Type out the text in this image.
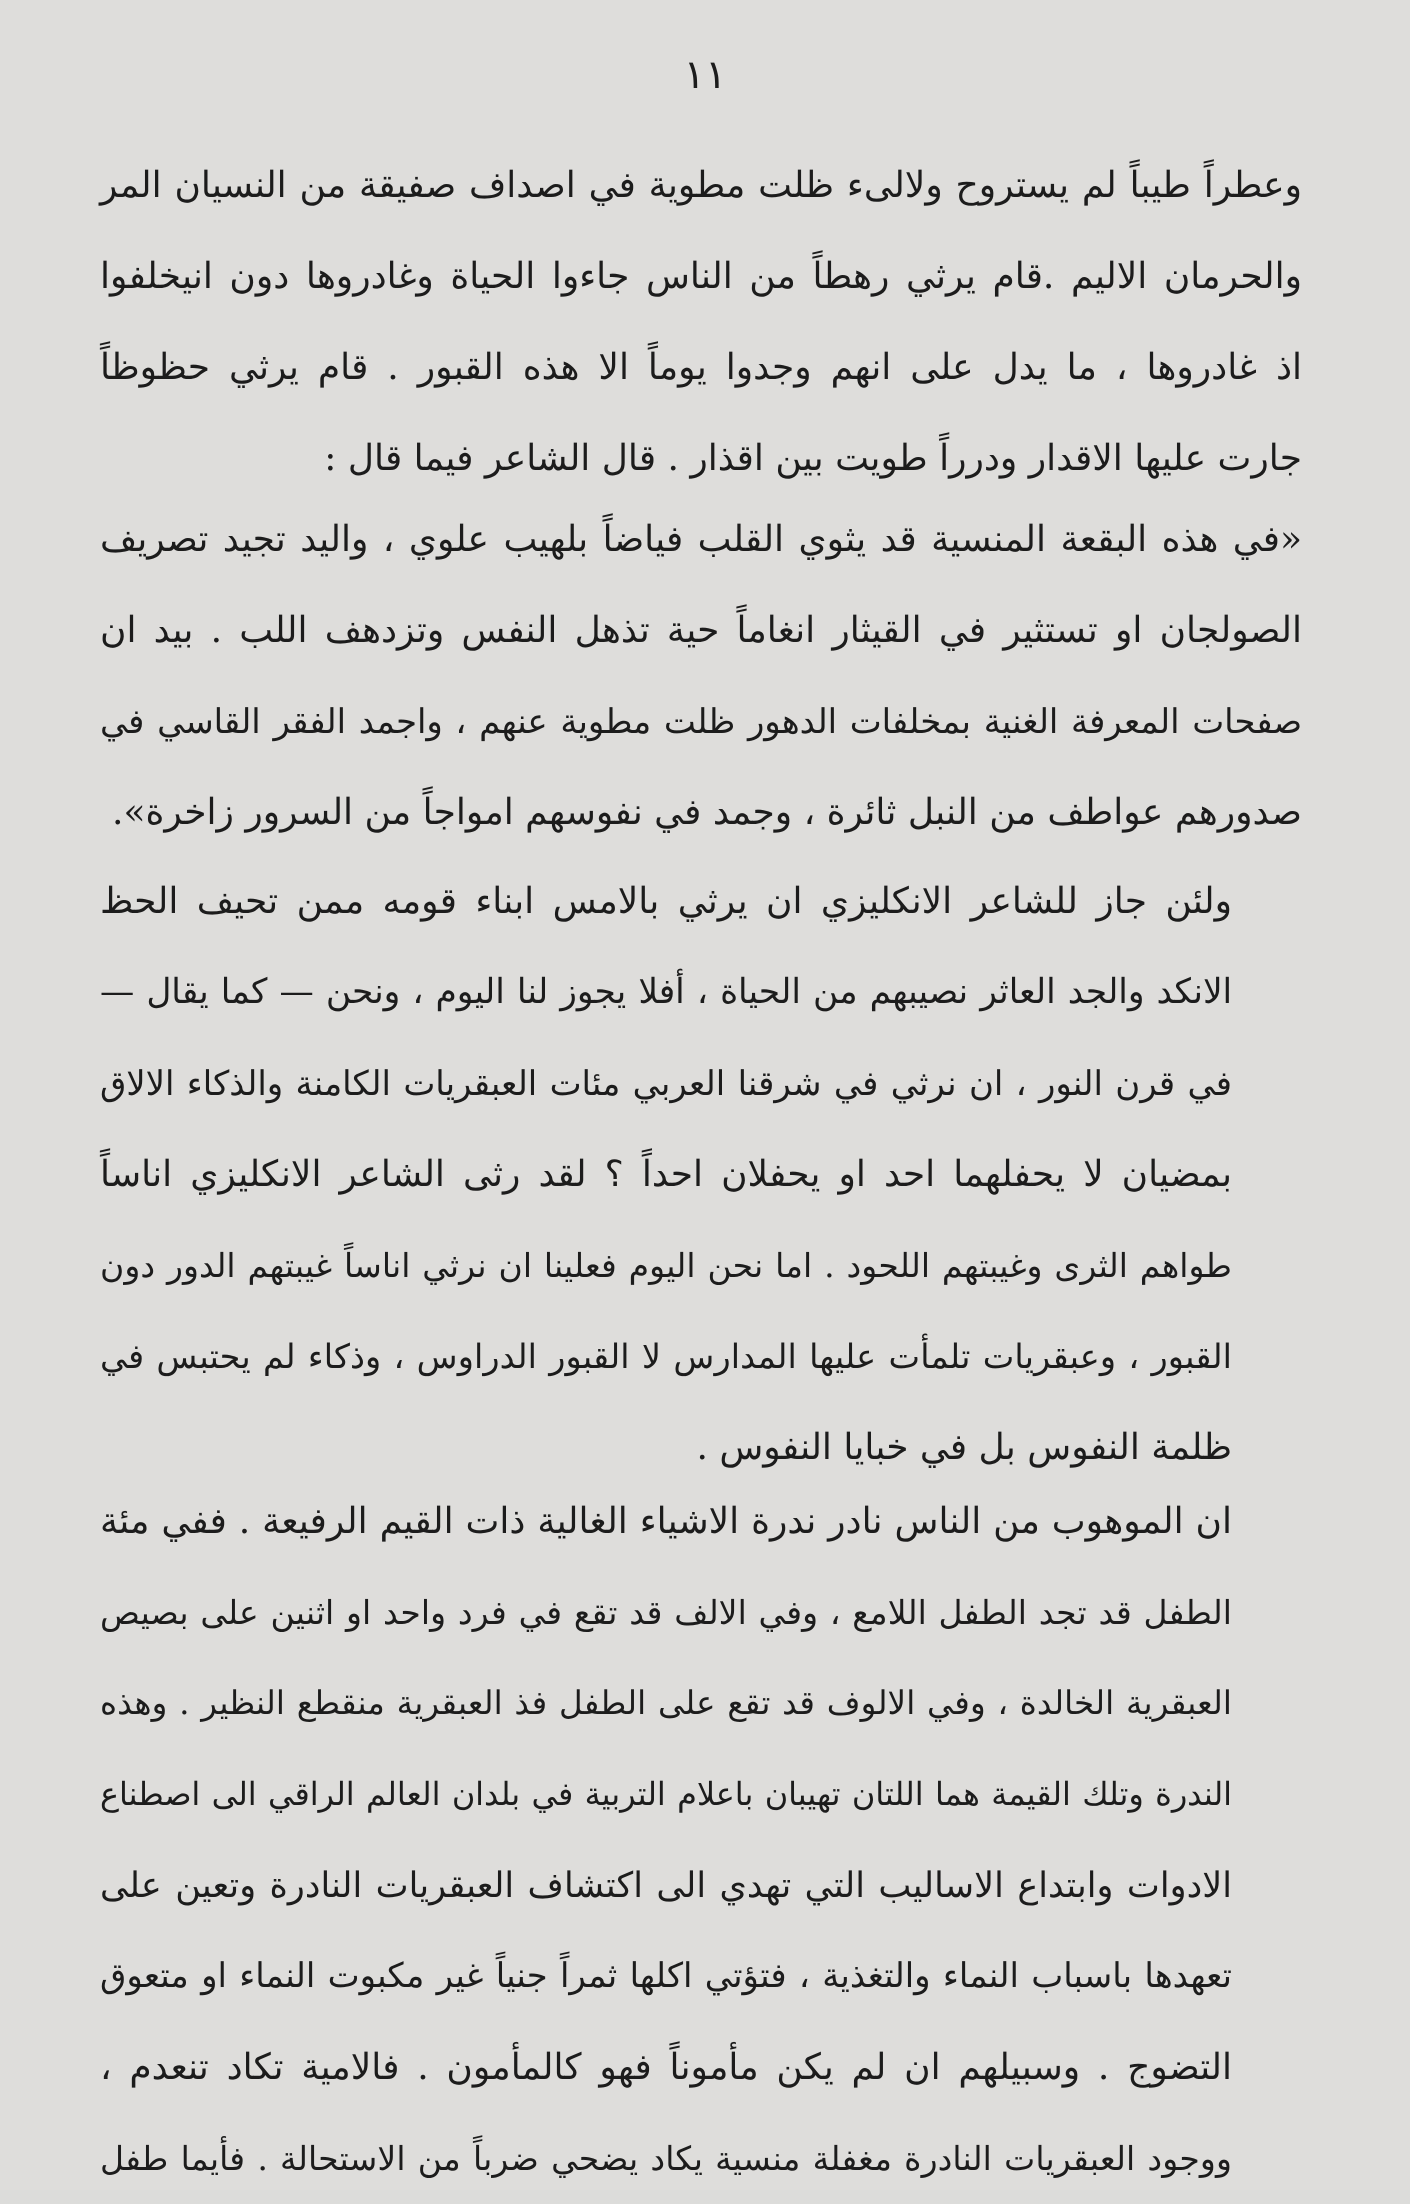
١١
وعطراً طيباً لم يستروح ولالىء ظلت مطوية في اصداف صفيقة من النسيان المر
والحرمان الاليم .قام يرثي رهطاً من الناس جاءوا الحياة وغادروها دون انيخلفوا
اذ غادروها ، ما يدل على انهم وجدوا يوماً الا هذه القبور . قام يرثي حظوظاً
جارت عليها الاقدار ودرراً طويت بين اقذار . قال الشاعر فيما قال :
«في هذه البقعة المنسية قد يثوي القلب فياضاً بلهيب علوي ، واليد تجيد تصريف
الصولجان او تستثير في القيثار انغاماً حية تذهل النفس وتزدهف اللب . بيد ان
صفحات المعرفة الغنية بمخلفات الدهور ظلت مطوية عنهم ، واجمد الفقر القاسي في
صدورهم عواطف من النبل ثائرة ، وجمد في نفوسهم امواجاً من السرور زاخرة».
ولئن جاز للشاعر الانكليزي ان يرثي بالامس ابناء قومه ممن تحيف الحظ
الانكد والجد العاثر نصيبهم من الحياة ، أفلا يجوز لنا اليوم ، ونحن — كما يقال —
في قرن النور ، ان نرثي في شرقنا العربي مئات العبقريات الكامنة والذكاء الالاق
بمضيان لا يحفلهما احد او يحفلان احداً ؟ لقد رثى الشاعر الانكليزي اناساً
طواهم الثرى وغيبتهم اللحود . اما نحن اليوم فعلينا ان نرثي اناساً غيبتهم الدور دون
القبور ، وعبقريات تلمأت عليها المدارس لا القبور الدراوس ، وذكاء لم يحتبس في
ظلمة النفوس بل في خبايا النفوس .
ان الموهوب من الناس نادر ندرة الاشياء الغالية ذات القيم الرفيعة . ففي مئة
الطفل قد تجد الطفل اللامع ، وفي الالف قد تقع في فرد واحد او اثنين على بصيص
العبقرية الخالدة ، وفي الالوف قد تقع على الطفل فذ العبقرية منقطع النظير . وهذه
الندرة وتلك القيمة هما اللتان تهيبان باعلام التربية في بلدان العالم الراقي الى اصطناع
الادوات وابتداع الاساليب التي تهدي الى اكتشاف العبقريات النادرة وتعين على
تعهدها باسباب النماء والتغذية ، فتؤتي اكلها ثمراً جنياً غير مكبوت النماء او متعوق
التضوج . وسبيلهم ان لم يكن مأموناً فهو كالمأمون . فالامية تكاد تنعدم ،
ووجود العبقريات النادرة مغفلة منسية يكاد يضحي ضرباً من الاستحالة . فأيما طفل
